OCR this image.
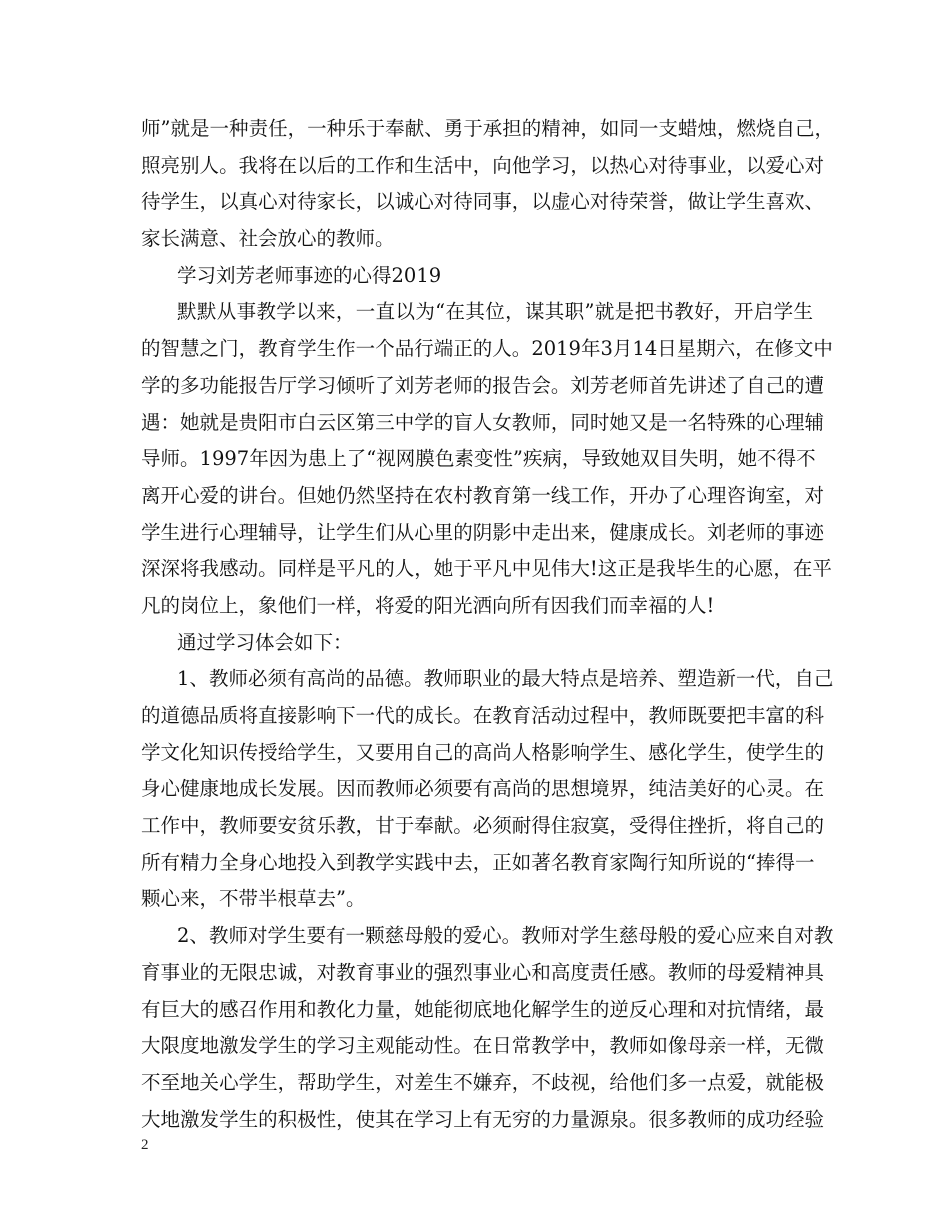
师 ” 就 是 一 种 责 任 ， 一 种 乐 于 奉 献 、 勇 于 承 担 的 精 神 ， 如 同 一 支 蜡 烛 ， 燃 烧 自 己 ，
照 亮 别 人 。 我 将 在 以 后 的 工 作 和 生 活 中 ， 向 他 学 习 ， 以 热 心 对 待 事 业 ， 以 爱 心 对
待 学 生 ， 以 真 心 对 待 家 长 ， 以 诚 心 对 待 同 事 ， 以 虚 心 对 待 荣 誉 ， 做 让 学 生 喜 欢 、
家长满意、社会放心的教师。
学习刘芳老师事迹的心得2019
默 默 从 事 教 学 以 来 ， 一 直 以 为 “ 在 其 位 ， 谋 其 职 ” 就 是 把 书 教 好 ， 开 启 学 生
的 智 慧 之 门 ， 教 育 学 生 作 一 个 品 行 端 正 的 人 。 2019 年 3 月 14 日 星 期 六 ， 在 修 文 中
学 的 多 功 能 报 告 厅 学 习 倾 听 了 刘 芳 老 师 的 报 告 会 。 刘 芳 老 师 首 先 讲 述 了 自 己 的 遭
遇 ： 她 就 是 贵 阳 市 白 云 区 第 三 中 学 的 盲 人 女 教 师 ， 同 时 她 又 是 一 名 特 殊 的 心 理 辅
导 师 。 1997 年 因 为 患 上 了 “ 视 网 膜 色 素 变 性 ” 疾 病 ， 导 致 她 双 目 失 明 ， 她 不 得 不
离 开 心 爱 的 讲 台 。 但 她 仍 然 坚 持 在 农 村 教 育 第 一 线 工 作 ， 开 办 了 心 理 咨 询 室 ， 对
学 生 进 行 心 理 辅 导 ， 让 学 生 们 从 心 里 的 阴 影 中 走 出 来 ， 健 康 成 长 。 刘 老 师 的 事 迹
深 深 将 我 感 动 。 同 样 是 平 凡 的 人 ， 她 于 平 凡 中 见 伟 大 ! 这 正 是 我 毕 生 的 心 愿 ， 在 平
凡的岗位上，象他们一样，将爱的阳光洒向所有因我们而幸福的人!
通过学习体会如下：
1 、 教 师 必 须 有 高 尚 的 品 德 。 教 师 职 业 的 最 大 特 点 是 培 养 、 塑 造 新 一 代 ， 自 己
的 道 德 品 质 将 直 接 影 响 下 一 代 的 成 长 。 在 教 育 活 动 过 程 中 ， 教 师 既 要 把 丰 富 的 科
学 文 化 知 识 传 授 给 学 生 ， 又 要 用 自 己 的 高 尚 人 格 影 响 学 生 、 感 化 学 生 ， 使 学 生 的
身 心 健 康 地 成 长 发 展 。 因 而 教 师 必 须 要 有 高 尚 的 思 想 境 界 ， 纯 洁 美 好 的 心 灵 。 在
工 作 中 ， 教 师 要 安 贫 乐 教 ， 甘 于 奉 献 。 必 须 耐 得 住 寂 寞 ， 受 得 住 挫 折 ， 将 自 己 的
所 有 精 力 全 身 心 地 投 入 到 教 学 实 践 中 去 ， 正 如 著 名 教 育 家 陶 行 知 所 说 的 “ 捧 得 一
颗心来，不带半根草去”。
2 、 教 师 对 学 生 要 有 一 颗 慈 母 般 的 爱 心 。 教 师 对 学 生 慈 母 般 的 爱 心 应 来 自 对 教
育 事 业 的 无 限 忠 诚 ， 对 教 育 事 业 的 强 烈 事 业 心 和 高 度 责 任 感 。 教 师 的 母 爱 精 神 具
有 巨 大 的 感 召 作 用 和 教 化 力 量 ， 她 能 彻 底 地 化 解 学 生 的 逆 反 心 理 和 对 抗 情 绪 ， 最
大 限 度 地 激 发 学 生 的 学 习 主 观 能 动 性 。 在 日 常 教 学 中 ， 教 师 如 像 母 亲 一 样 ， 无 微
不 至 地 关 心 学 生 ， 帮 助 学 生 ， 对 差 生 不 嫌 弃 ， 不 歧 视 ， 给 他 们 多 一 点 爱 ， 就 能 极
大 地 激 发 学 生 的 积 极 性 ， 使 其 在 学 习 上 有 无 穷 的 力 量 源 泉 。 很 多 教 师 的 成 功 经 验
2
